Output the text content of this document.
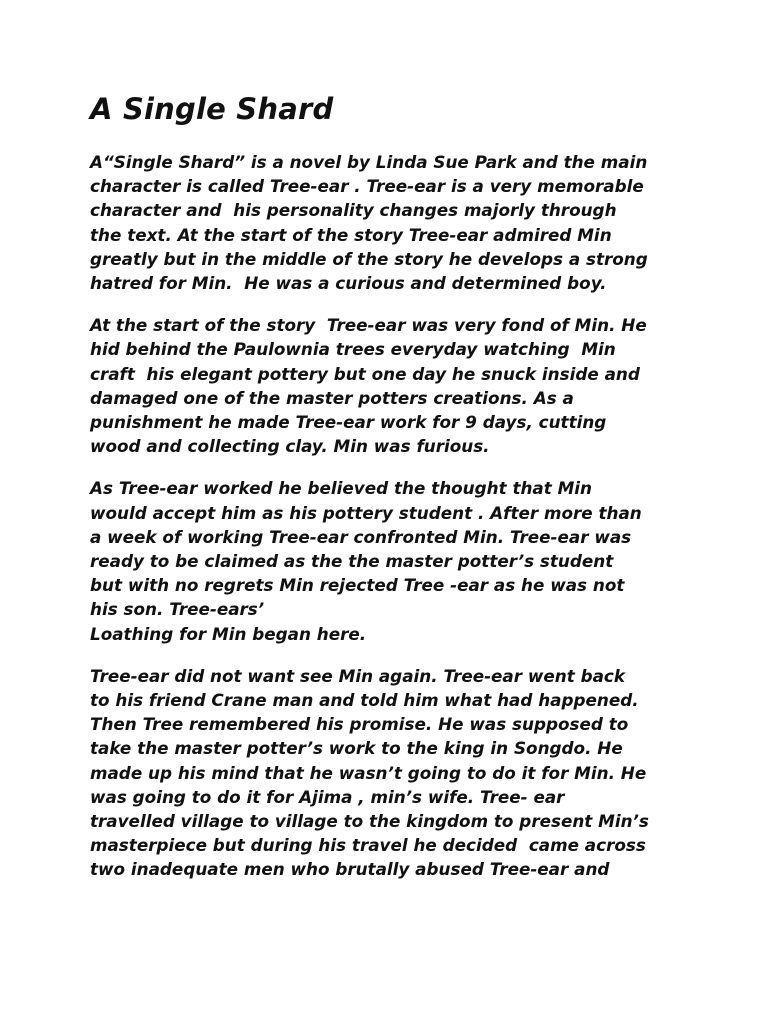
A Single Shard

A“Single Shard” is a novel by Linda Sue Park and the main
character is called Tree-ear . Tree-ear is a very memorable
character and  his personality changes majorly through
the text. At the start of the story Tree-ear admired Min
greatly but in the middle of the story he develops a strong
hatred for Min.  He was a curious and determined boy.

At the start of the story  Tree-ear was very fond of Min. He
hid behind the Paulownia trees everyday watching  Min
craft  his elegant pottery but one day he snuck inside and
damaged one of the master potters creations. As a
punishment he made Tree-ear work for 9 days, cutting
wood and collecting clay. Min was furious.

As Tree-ear worked he believed the thought that Min
would accept him as his pottery student . After more than
a week of working Tree-ear confronted Min. Tree-ear was
ready to be claimed as the the master potter’s student
but with no regrets Min rejected Tree -ear as he was not
his son. Tree-ears’
Loathing for Min began here.

Tree-ear did not want see Min again. Tree-ear went back
to his friend Crane man and told him what had happened.
Then Tree remembered his promise. He was supposed to
take the master potter’s work to the king in Songdo. He
made up his mind that he wasn’t going to do it for Min. He
was going to do it for Ajima , min’s wife. Tree- ear
travelled village to village to the kingdom to present Min’s
masterpiece but during his travel he decided  came across
two inadequate men who brutally abused Tree-ear and
